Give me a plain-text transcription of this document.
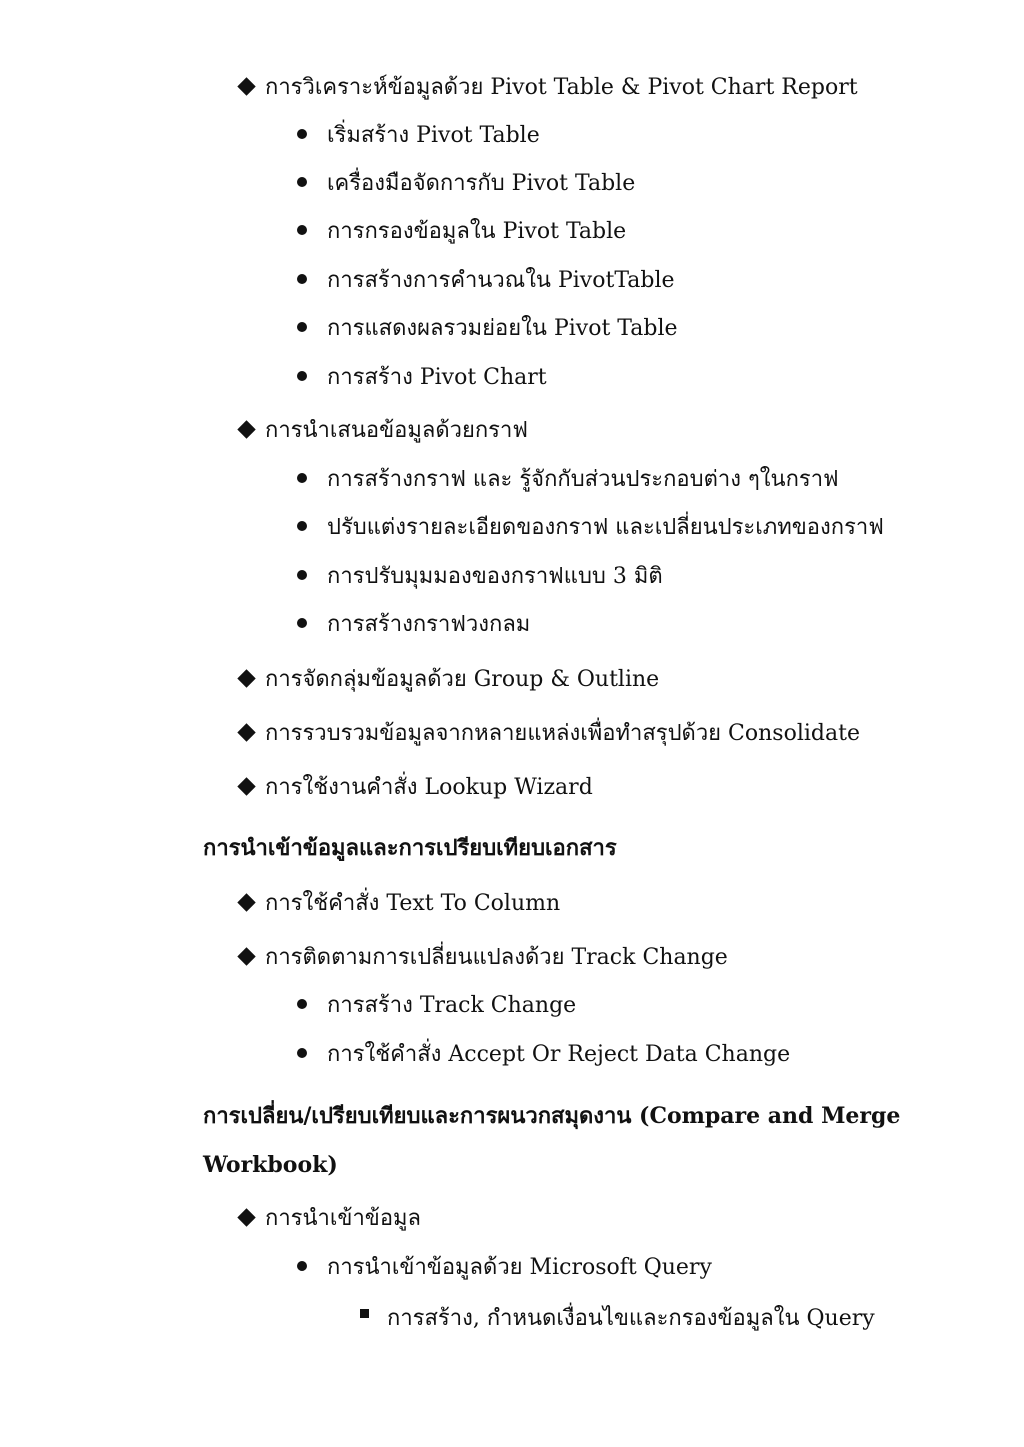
การวิเคราะห์ข้อมูลด้วย Pivot Table & Pivot Chart Report
เริ่มสร้าง Pivot Table
เครื่องมือจัดการกับ Pivot Table
การกรองข้อมูลใน Pivot Table
การสร้างการคำนวณใน PivotTable
การแสดงผลรวมย่อยใน Pivot Table
การสร้าง Pivot Chart
การนำเสนอข้อมูลด้วยกราฟ
การสร้างกราฟ และ รู้จักกับส่วนประกอบต่าง ๆในกราฟ
ปรับแต่งรายละเอียดของกราฟ และเปลี่ยนประเภทของกราฟ
การปรับมุมมองของกราฟแบบ 3 มิติ
การสร้างกราฟวงกลม
การจัดกลุ่มข้อมูลด้วย Group & Outline
การรวบรวมข้อมูลจากหลายแหล่งเพื่อทำสรุปด้วย Consolidate
การใช้งานคำสั่ง Lookup Wizard
การนำเข้าข้อมูลและการเปรียบเทียบเอกสาร
การใช้คำสั่ง Text To Column
การติดตามการเปลี่ยนแปลงด้วย Track Change
การสร้าง Track Change
การใช้คำสั่ง Accept Or Reject Data Change
การเปลี่ยน/เปรียบเทียบและการผนวกสมุดงาน (Compare and Merge
Workbook)
การนำเข้าข้อมูล
การนำเข้าข้อมูลด้วย Microsoft Query
การสร้าง, กำหนดเงื่อนไขและกรองข้อมูลใน Query
